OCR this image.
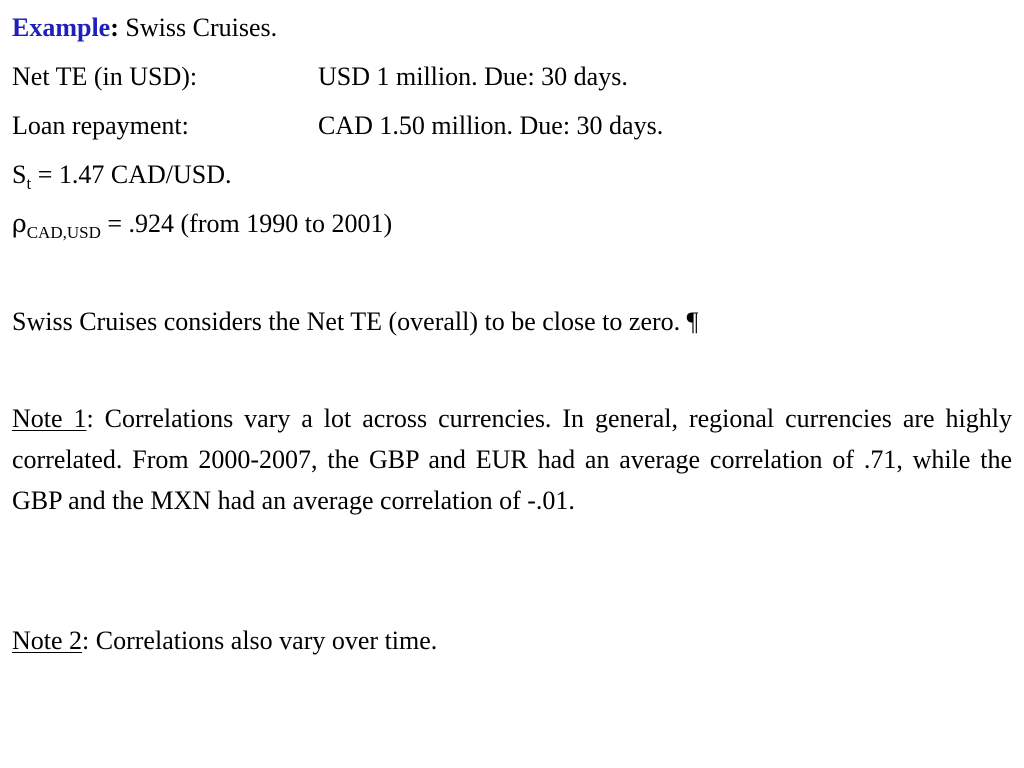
Example: Swiss Cruises.
Net TE (in USD):	USD 1 million. Due: 30 days.
Loan repayment:	CAD 1.50 million. Due: 30 days.
$S_t = 1.47$ CAD/USD.
$\rho_{CAD,USD} = .924$ (from 1990 to 2001)
Swiss Cruises considers the Net TE (overall) to be close to zero. ¶
Note 1: Correlations vary a lot across currencies. In general, regional currencies are highly correlated. From 2000-2007, the GBP and EUR had an average correlation of .71, while the GBP and the MXN had an average correlation of -.01.
Note 2: Correlations also vary over time.
